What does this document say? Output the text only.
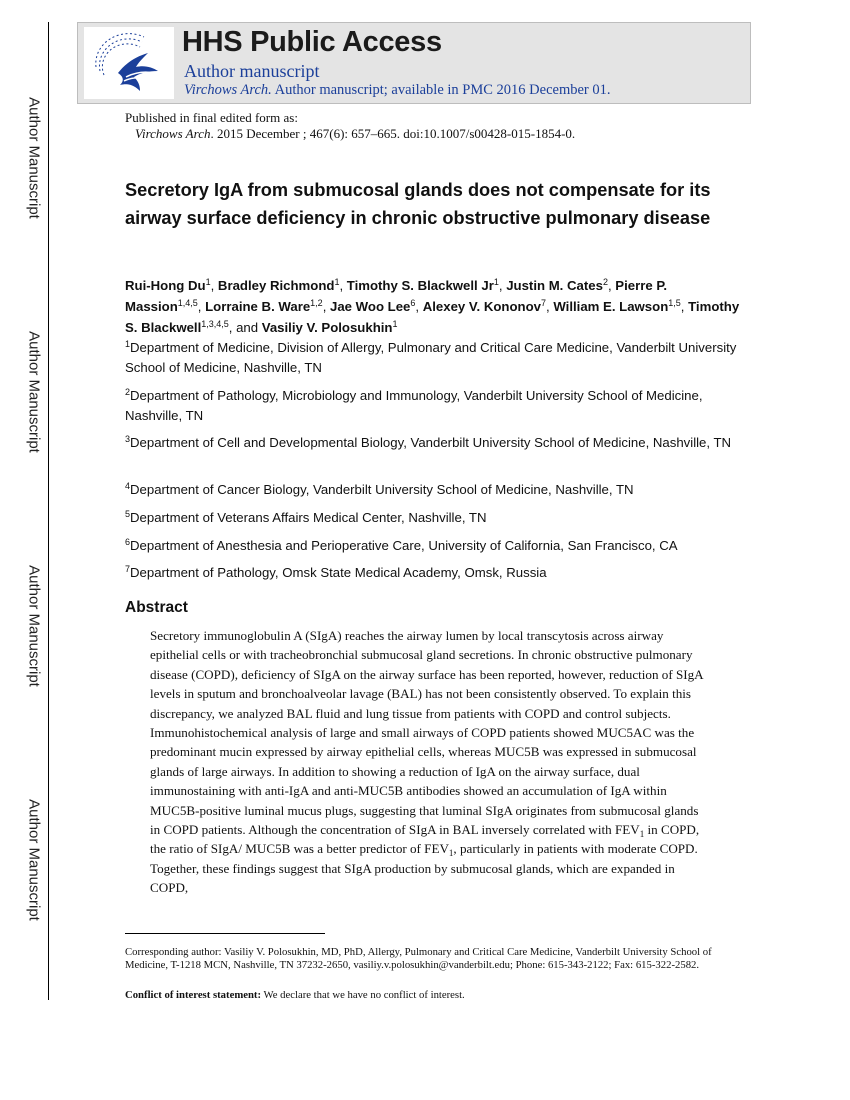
Author Manuscript
Author Manuscript
Author Manuscript
Author Manuscript
HHS Public Access
Author manuscript
Virchows Arch. Author manuscript; available in PMC 2016 December 01.
Published in final edited form as:
Virchows Arch. 2015 December ; 467(6): 657–665. doi:10.1007/s00428-015-1854-0.
Secretory IgA from submucosal glands does not compensate for its airway surface deficiency in chronic obstructive pulmonary disease
Rui-Hong Du$^1$, Bradley Richmond$^1$, Timothy S. Blackwell Jr$^1$, Justin M. Cates$^2$, Pierre P. Massion$^{1,4,5}$, Lorraine B. Ware$^{1,2}$, Jae Woo Lee$^6$, Alexey V. Kononov$^7$, William E. Lawson$^{1,5}$, Timothy S. Blackwell$^{1,3,4,5}$, and Vasiliy V. Polosukhin$^1$
$^1$Department of Medicine, Division of Allergy, Pulmonary and Critical Care Medicine, Vanderbilt University School of Medicine, Nashville, TN
$^2$Department of Pathology, Microbiology and Immunology, Vanderbilt University School of Medicine, Nashville, TN
$^3$Department of Cell and Developmental Biology, Vanderbilt University School of Medicine, Nashville, TN
$^4$Department of Cancer Biology, Vanderbilt University School of Medicine, Nashville, TN
$^5$Department of Veterans Affairs Medical Center, Nashville, TN
$^6$Department of Anesthesia and Perioperative Care, University of California, San Francisco, CA
$^7$Department of Pathology, Omsk State Medical Academy, Omsk, Russia
Abstract
Secretory immunoglobulin A (SIgA) reaches the airway lumen by local transcytosis across airway epithelial cells or with tracheobronchial submucosal gland secretions. In chronic obstructive pulmonary disease (COPD), deficiency of SIgA on the airway surface has been reported, however, reduction of SIgA levels in sputum and bronchoalveolar lavage (BAL) has not been consistently observed. To explain this discrepancy, we analyzed BAL fluid and lung tissue from patients with COPD and control subjects. Immunohistochemical analysis of large and small airways of COPD patients showed MUC5AC was the predominant mucin expressed by airway epithelial cells, whereas MUC5B was expressed in submucosal glands of large airways. In addition to showing a reduction of IgA on the airway surface, dual immunostaining with anti-IgA and anti-MUC5B antibodies showed an accumulation of IgA within MUC5B-positive luminal mucus plugs, suggesting that luminal SIgA originates from submucosal glands in COPD patients. Although the concentration of SIgA in BAL inversely correlated with $FEV_1$ in COPD, the ratio of SIgA/ MUC5B was a better predictor of $FEV_1$, particularly in patients with moderate COPD. Together, these findings suggest that SIgA production by submucosal glands, which are expanded in COPD,
Corresponding author: Vasiliy V. Polosukhin, MD, PhD, Allergy, Pulmonary and Critical Care Medicine, Vanderbilt University School of Medicine, T-1218 MCN, Nashville, TN 37232-2650, vasiliy.v.polosukhin@vanderbilt.edu; Phone: 615-343-2122; Fax: 615-322-2582.
Conflict of interest statement: We declare that we have no conflict of interest.
